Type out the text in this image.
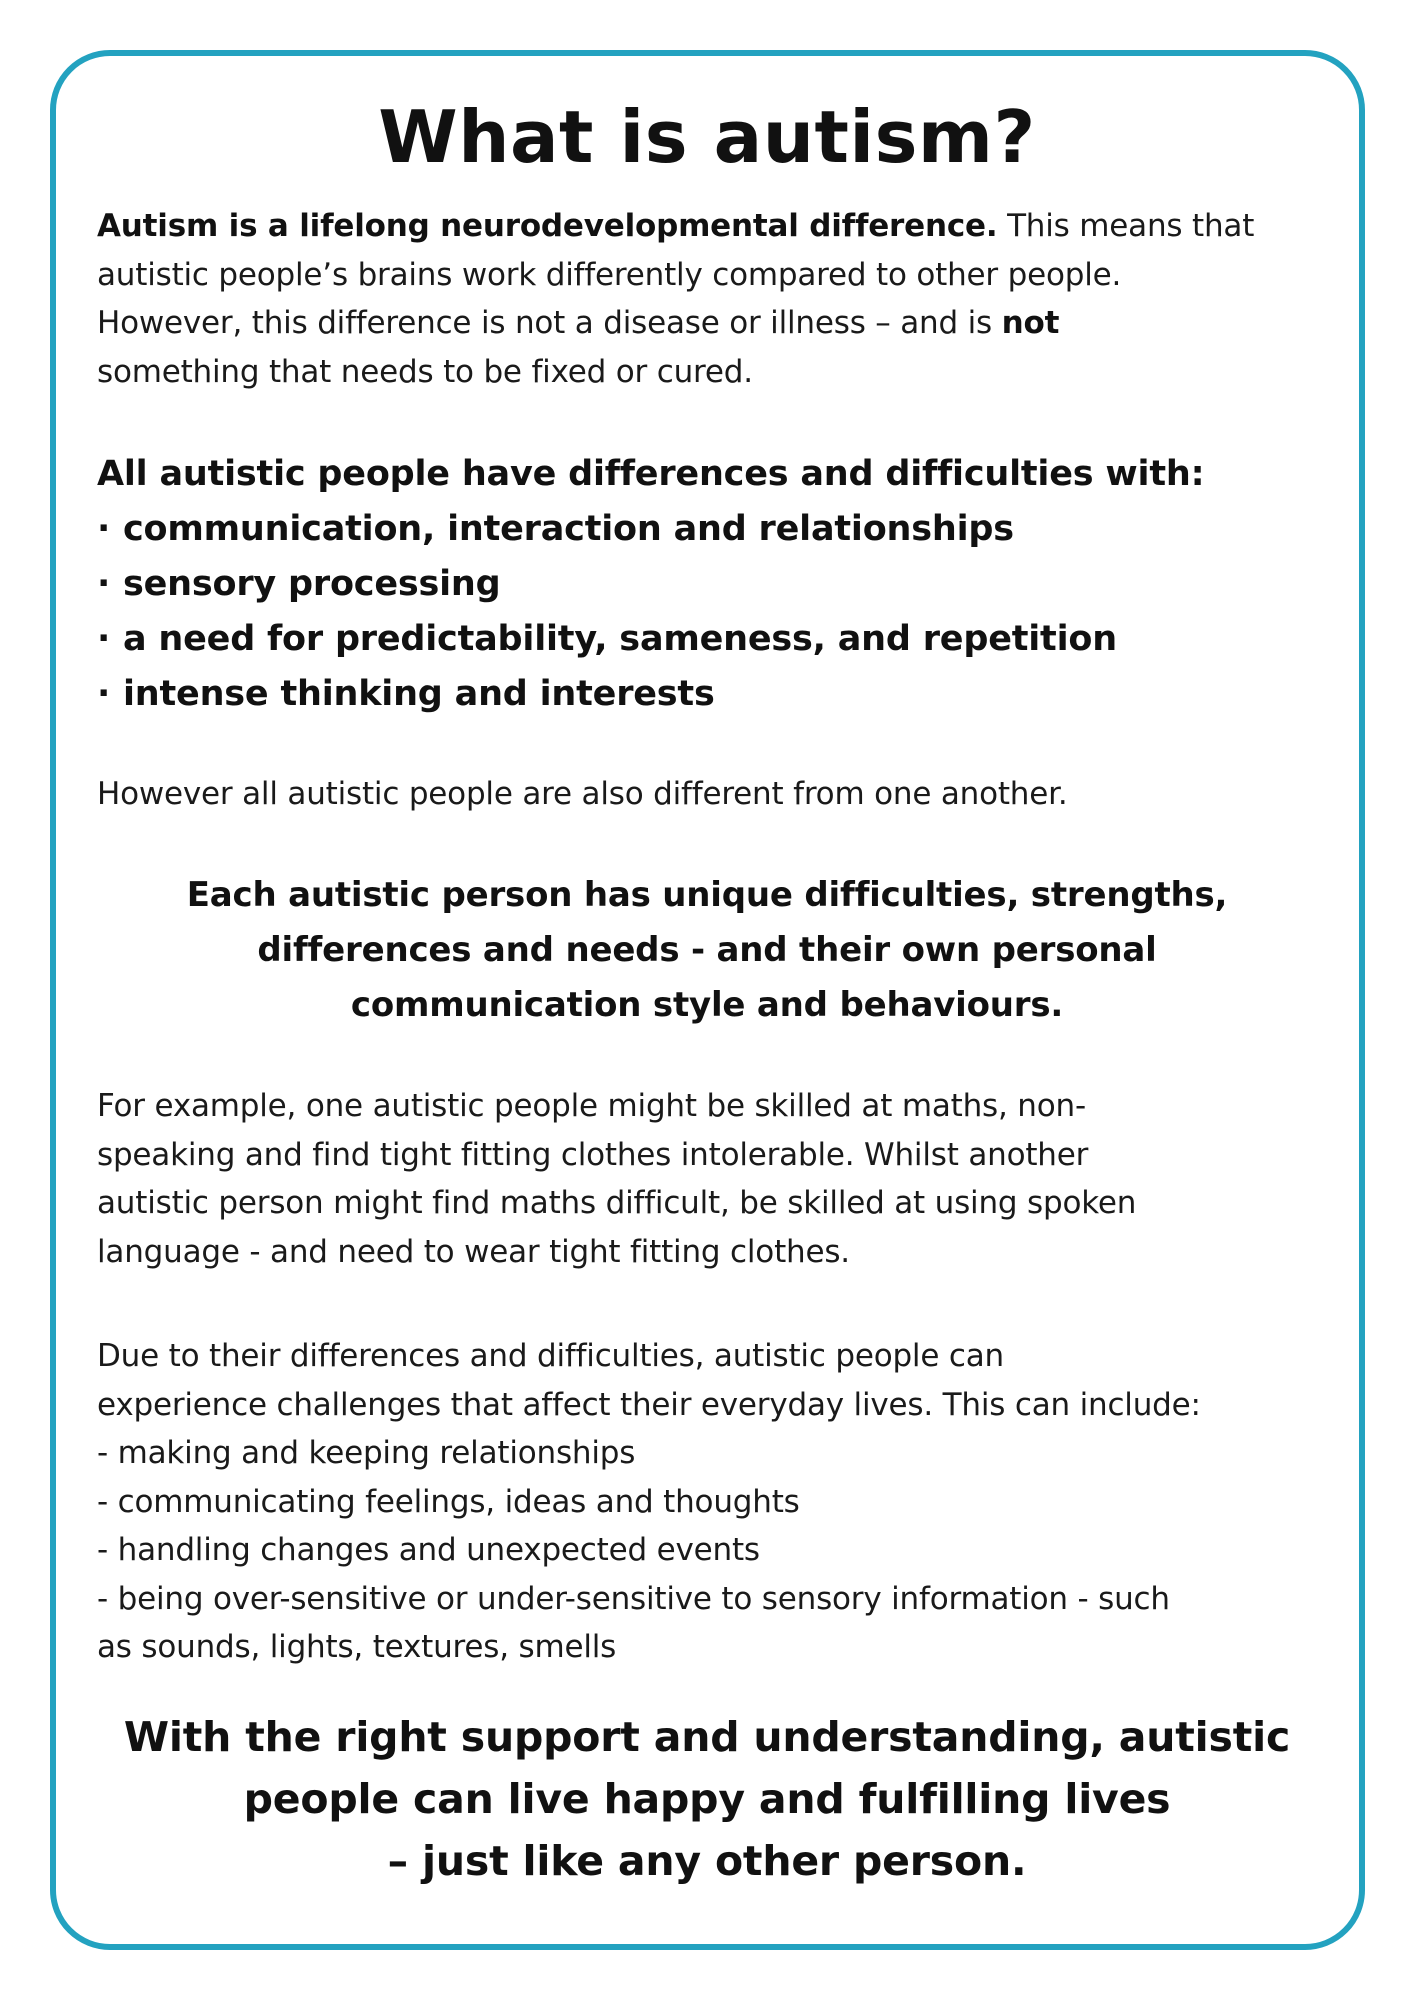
What is autism?

Autism is a lifelong neurodevelopmental difference. This means that
autistic people’s brains work differently compared to other people.
However, this difference is not a disease or illness – and is not
something that needs to be fixed or cured.

All autistic people have differences and difficulties with:
· communication, interaction and relationships
· sensory processing
· a need for predictability, sameness, and repetition
· intense thinking and interests

However all autistic people are also different from one another.

Each autistic person has unique difficulties, strengths,
differences and needs - and their own personal
communication style and behaviours.

For example, one autistic people might be skilled at maths, non-
speaking and find tight fitting clothes intolerable. Whilst another
autistic person might find maths difficult, be skilled at using spoken
language - and need to wear tight fitting clothes.

Due to their differences and difficulties, autistic people can
experience challenges that affect their everyday lives. This can include:
- making and keeping relationships
- communicating feelings, ideas and thoughts
- handling changes and unexpected events
- being over-sensitive or under-sensitive to sensory information - such
as sounds, lights, textures, smells

With the right support and understanding, autistic
people can live happy and fulfilling lives
– just like any other person.
